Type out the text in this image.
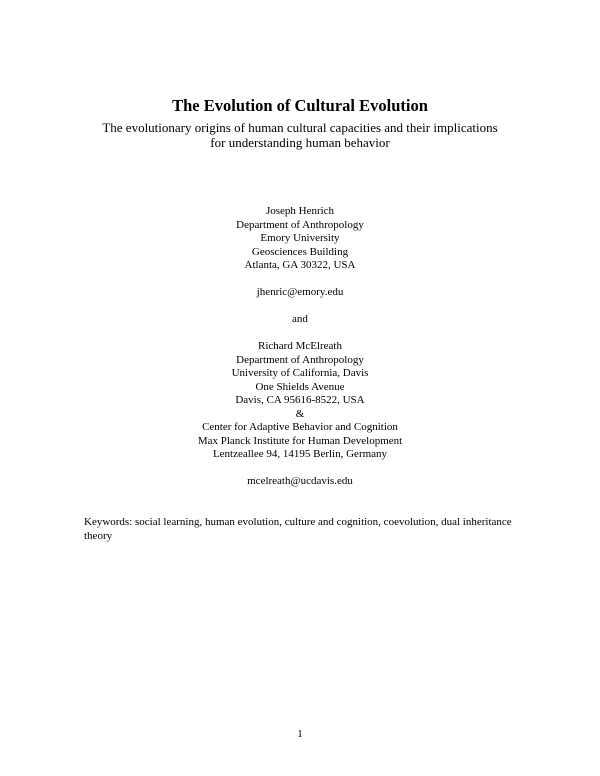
The Evolution of Cultural Evolution
The evolutionary origins of human cultural capacities and their implications
for understanding human behavior
Joseph Henrich
Department of Anthropology
Emory University
Geosciences Building
Atlanta, GA 30322, USA
jhenric@emory.edu
and
Richard McElreath
Department of Anthropology
University of California, Davis
One Shields Avenue
Davis, CA 95616-8522, USA
&
Center for Adaptive Behavior and Cognition
Max Planck Institute for Human Development
Lentzeallee 94, 14195 Berlin, Germany
mcelreath@ucdavis.edu
Keywords: social learning, human evolution, culture and cognition, coevolution, dual inheritance theory
1
